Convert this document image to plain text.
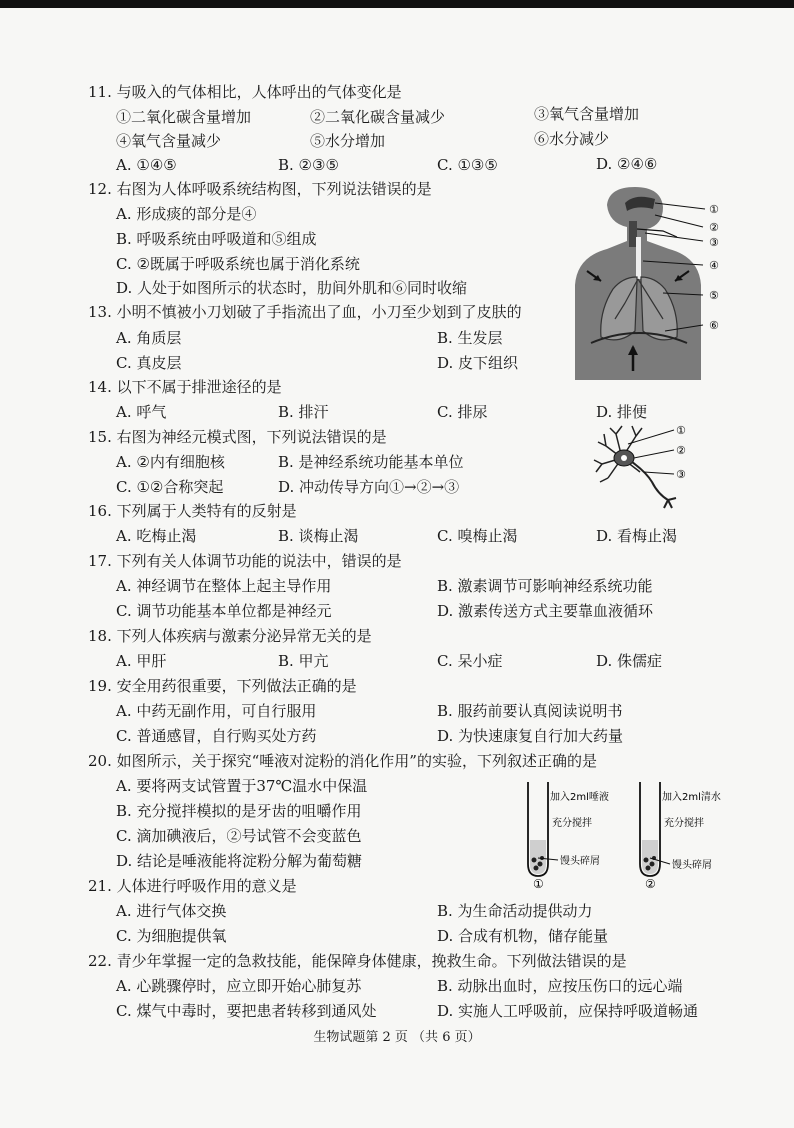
11. 与吸入的气体相比，人体呼出的气体变化是
①二氧化碳含量增加	②二氧化碳含量减少	③氧气含量增加
④氧气含量减少	⑤水分增加	⑥水分减少
A. ①④⑤	B. ②③⑤	C. ①③⑤	D. ②④⑥
12. 右图为人体呼吸系统结构图，下列说法错误的是
A. 形成痰的部分是④
B. 呼吸系统由呼吸道和⑤组成
C. ②既属于呼吸系统也属于消化系统
D. 人处于如图所示的状态时，肋间外肌和⑥同时收缩
①
②
③
④
⑤
⑥
13. 小明不慎被小刀划破了手指流出了血，小刀至少划到了皮肤的
A. 角质层	B. 生发层
C. 真皮层	D. 皮下组织
14. 以下不属于排泄途径的是
A. 呼气	B. 排汗	C. 排尿	D. 排便
15. 右图为神经元模式图，下列说法错误的是
A. ②内有细胞核	B. 是神经系统功能基本单位
C. ①②合称突起	D. 冲动传导方向①→②→③
①
②
③
16. 下列属于人类特有的反射是
A. 吃梅止渴	B. 谈梅止渴	C. 嗅梅止渴	D. 看梅止渴
17. 下列有关人体调节功能的说法中，错误的是
A. 神经调节在整体上起主导作用	B. 激素调节可影响神经系统功能
C. 调节功能基本单位都是神经元	D. 激素传送方式主要靠血液循环
18. 下列人体疾病与激素分泌异常无关的是
A. 甲肝	B. 甲亢	C. 呆小症	D. 侏儒症
19. 安全用药很重要，下列做法正确的是
A. 中药无副作用，可自行服用	B. 服药前要认真阅读说明书
C. 普通感冒，自行购买处方药	D. 为快速康复自行加大药量
20. 如图所示，关于探究“唾液对淀粉的消化作用”的实验，下列叙述正确的是
A. 要将两支试管置于37℃温水中保温
B. 充分搅拌模拟的是牙齿的咀嚼作用
C. 滴加碘液后，②号试管不会变蓝色
D. 结论是唾液能将淀粉分解为葡萄糖
加入2ml唾液
充分搅拌
馒头碎屑
①
加入2ml清水
充分搅拌
馒头碎屑
②
21. 人体进行呼吸作用的意义是
A. 进行气体交换	B. 为生命活动提供动力
C. 为细胞提供氧	D. 合成有机物，储存能量
22. 青少年掌握一定的急救技能，能保障身体健康，挽救生命。下列做法错误的是
A. 心跳骤停时，应立即开始心肺复苏	B. 动脉出血时，应按压伤口的远心端
C. 煤气中毒时，要把患者转移到通风处	D. 实施人工呼吸前，应保持呼吸道畅通
生物试题第 2 页 （共 6 页）
